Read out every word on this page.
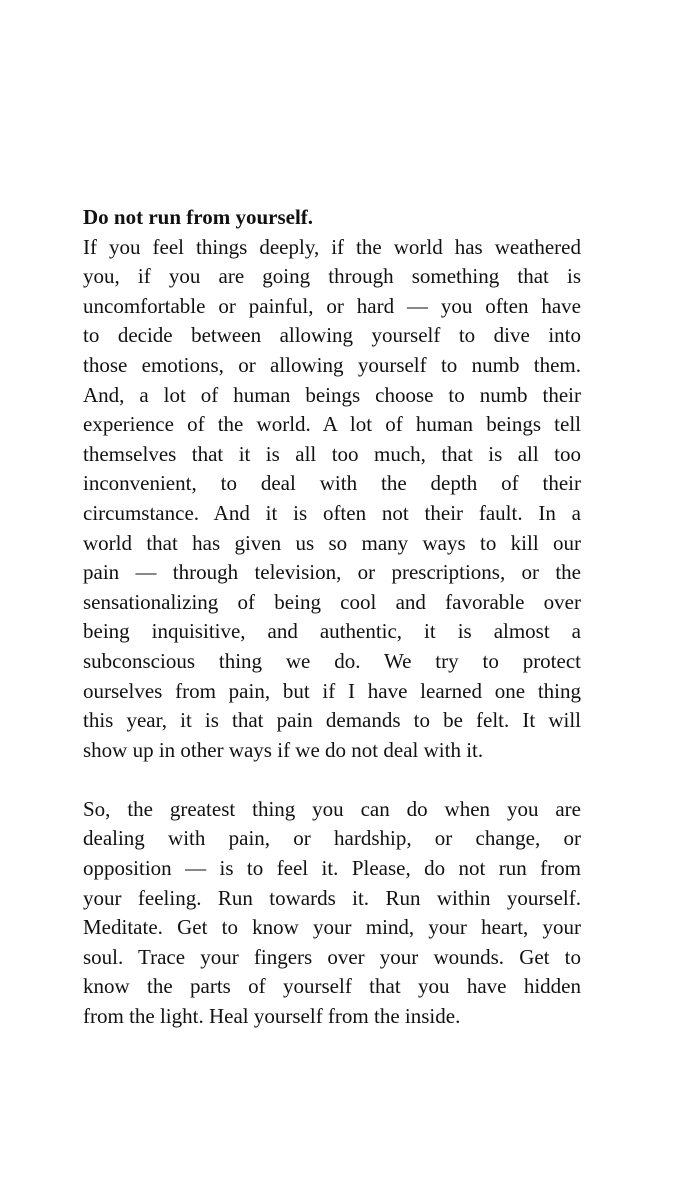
Do not run from yourself.

If you feel things deeply, if the world has weathered
you, if you are going through something that is
uncomfortable or painful, or hard — you often have
to decide between allowing yourself to dive into
those emotions, or allowing yourself to numb them.
And, a lot of human beings choose to numb their
experience of the world. A lot of human beings tell
themselves that it is all too much, that is all too
inconvenient, to deal with the depth of their
circumstance. And it is often not their fault. In a
world that has given us so many ways to kill our
pain — through television, or prescriptions, or the
sensationalizing of being cool and favorable over
being inquisitive, and authentic, it is almost a
subconscious thing we do. We try to protect
ourselves from pain, but if I have learned one thing
this year, it is that pain demands to be felt. It will
show up in other ways if we do not deal with it.

So, the greatest thing you can do when you are
dealing with pain, or hardship, or change, or
opposition — is to feel it. Please, do not run from
your feeling. Run towards it. Run within yourself.
Meditate. Get to know your mind, your heart, your
soul. Trace your fingers over your wounds. Get to
know the parts of yourself that you have hidden
from the light. Heal yourself from the inside.
